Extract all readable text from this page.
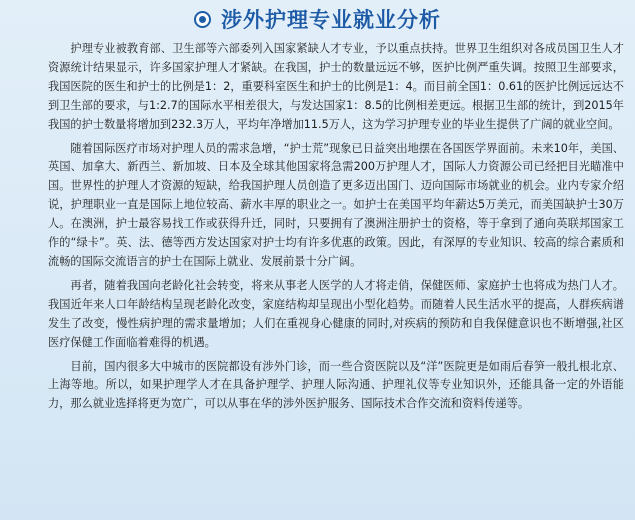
涉外护理专业就业分析

护理专业被教育部、卫生部等六部委列入国家紧缺人才专业，予以重点扶持。世界卫生组织对各成员国卫生人才资源统计结果显示，许多国家护理人才紧缺。在我国，护士的数量远远不够，医护比例严重失调。按照卫生部要求，我国医院的医生和护士的比例是1：2，重要科室医生和护士的比例是1：4。而目前全国1：0.61的医护比例远远达不到卫生部的要求，与1:2.7的国际水平相差很大，与发达国家1：8.5的比例相差更远。根据卫生部的统计，到2015年我国的护士数量将增加到232.3万人，平均年净增加11.5万人，这为学习护理专业的毕业生提供了广阔的就业空间。

随着国际医疗市场对护理人员的需求急增，“护士荒”现象已日益突出地摆在各国医学界面前。未来10年，美国、英国、加拿大、新西兰、新加坡、日本及全球其他国家将急需200万护理人才，国际人力资源公司已经把目光瞄准中国。世界性的护理人才资源的短缺，给我国护理人员创造了更多迈出国门、迈向国际市场就业的机会。业内专家介绍说，护理职业一直是国际上地位较高、薪水丰厚的职业之一。如护士在美国平均年薪达5万美元，而美国缺护士30万人。在澳洲，护士最容易找工作或获得升迁，同时，只要拥有了澳洲注册护士的资格，等于拿到了通向英联邦国家工作的“绿卡”。英、法、德等西方发达国家对护士均有许多优惠的政策。因此，有深厚的专业知识、较高的综合素质和流畅的国际交流语言的护士在国际上就业、发展前景十分广阔。

再者，随着我国向老龄化社会转变，将来从事老人医学的人才将走俏，保健医师、家庭护士也将成为热门人才。我国近年来人口年龄结构呈现老龄化改变，家庭结构却呈现出小型化趋势。而随着人民生活水平的提高，人群疾病谱发生了改变，慢性病护理的需求量增加；人们在重视身心健康的同时,对疾病的预防和自我保健意识也不断增强,社区医疗保健工作面临着难得的机遇。

目前，国内很多大中城市的医院都设有涉外门诊，而一些合资医院以及“洋”医院更是如雨后春笋一般扎根北京、上海等地。所以，如果护理学人才在具备护理学、护理人际沟通、护理礼仪等专业知识外，还能具备一定的外语能力，那么就业选择将更为宽广，可以从事在华的涉外医护服务、国际技术合作交流和资料传递等。
